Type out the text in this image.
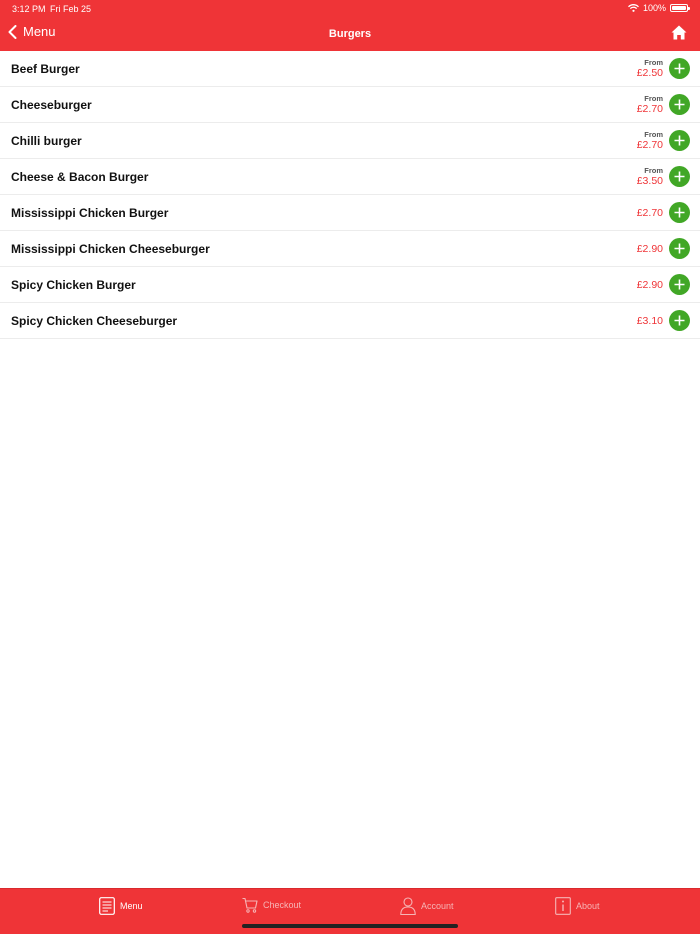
3:12 PM Fri Feb 25	100%
Menu	Burgers
Beef Burger	From
£2.50
Cheeseburger	From
£2.70
Chilli burger	From
£2.70
Cheese & Bacon Burger	From
£3.50
Mississippi Chicken Burger	£2.70
Mississippi Chicken Cheeseburger	£2.90
Spicy Chicken Burger	£2.90
Spicy Chicken Cheeseburger	£3.10
Menu	Checkout	Account	About
